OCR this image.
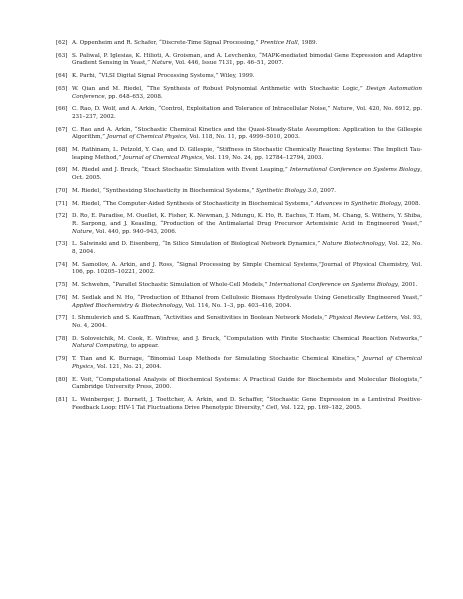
[62] A. Oppenheim and R. Schafer, “Discrete-Time Signal Processing,” Prentice Hall, 1989.
[63] S. Paliwal, P. Iglesias, K. Hilioti, A. Groisman, and A. Levchenko, “MAPK-mediated bimodal Gene Expression and Adaptive Gradient Sensing in Yeast,” Nature, Vol. 446, Issue 7131, pp. 46–51, 2007.
[64] K. Parhi, “VLSI Digital Signal Processing Systems,” Wiley, 1999.
[65] W. Qian and M. Riedel, “The Synthesis of Robust Polynomial Arithmetic with Stochastic Logic,” Design Automation Conference, pp. 648–653, 2008.
[66] C. Rao, D. Wolf, and A. Arkin, “Control, Exploitation and Tolerance of Intracellular Noise,” Nature, Vol. 420, No. 6912, pp. 231–237, 2002.
[67] C. Rao and A. Arkin, “Stochastic Chemical Kinetics and the Quasi-Steady-State Assumption: Application to the Gillespie Algorithm,” Journal of Chemical Physics, Vol. 118, No. 11, pp. 4999–5010, 2003.
[68] M. Rathinam, L. Petzold, Y. Cao, and D. Gillespie, “Stiffness in Stochastic Chemically Reacting Systems: The Implicit Tau-leaping Method,” Journal of Chemical Physics, Vol. 119, No. 24, pp. 12784–12794, 2003.
[69] M. Riedel and J. Bruck, “Exact Stochastic Simulation with Event Leaping,” International Conference on Systems Biology, Oct. 2005.
[70] M. Riedel, “Synthesizing Stochasticity in Biochemical Systems,” Synthetic Biology 3.0, 2007.
[71] M. Riedel, “The Computer-Aided Synthesis of Stochasticity in Biochemical Systems,” Advances in Synthetic Biology, 2008.
[72] D. Ro, E. Paradise, M. Ouellet, K. Fisher, K. Newman, J. Ndungu, K. Ho, R. Eachus, T. Ham, M. Chang, S. Withers, Y. Shiba, R. Sarpong, and J. Keasling, “Production of the Antimalarial Drug Precursor Artemisinic Acid in Engineered Yeast,” Nature, Vol. 440, pp. 940–943, 2006.
[73] L. Salwinski and D. Eisenberg, “In Silico Simulation of Biological Network Dynamics,” Nature Biotechnology, Vol. 22, No. 8, 2004.
[74] M. Samoilov, A. Arkin, and J. Ross, “Signal Processing by Simple Chemical Systems,”Journal of Physical Chemistry, Vol. 106, pp. 10205–10221, 2002.
[75] M. Schwehm, “Parallel Stochastic Simulation of Whole-Cell Models,” International Conference on Systems Biology, 2001.
[76] M. Sedlak and N. Ho, “Production of Ethanol from Cellulosic Biomass Hydrolysate Using Genetically Engineered Yeast,” Applied Biochemistry & Biotechnology, Vol. 114, No. 1–3, pp. 403–416, 2004.
[77] I. Shmulevich and S. Kauffman, “Activities and Sensitivities in Boolean Network Models,” Physical Review Letters, Vol. 93, No. 4, 2004.
[78] D. Soloveichik, M. Cook, E. Winfree, and J. Bruck, “Computation with Finite Stochastic Chemical Reaction Networks,” Natural Computing, to appear.
[79] T. Tian and K. Burrage, “Binomial Leap Methods for Simulating Stochastic Chemical Kinetics,” Journal of Chemical Physics, Vol. 121, No. 21, 2004.
[80] E. Voit, “Computational Analysis of Biochemical Systems: A Practical Guide for Biochemists and Molecular Biologists,” Cambridge University Press, 2000.
[81] L. Weinberger, J. Burnett, J. Toettcher, A. Arkin, and D. Schaffer, “Stochastic Gene Expression in a Lentiviral Positive-Feedback Loop: HIV-1 Tat Fluctuations Drive Phenotypic Diversity,” Cell, Vol. 122, pp. 169–182, 2005.
